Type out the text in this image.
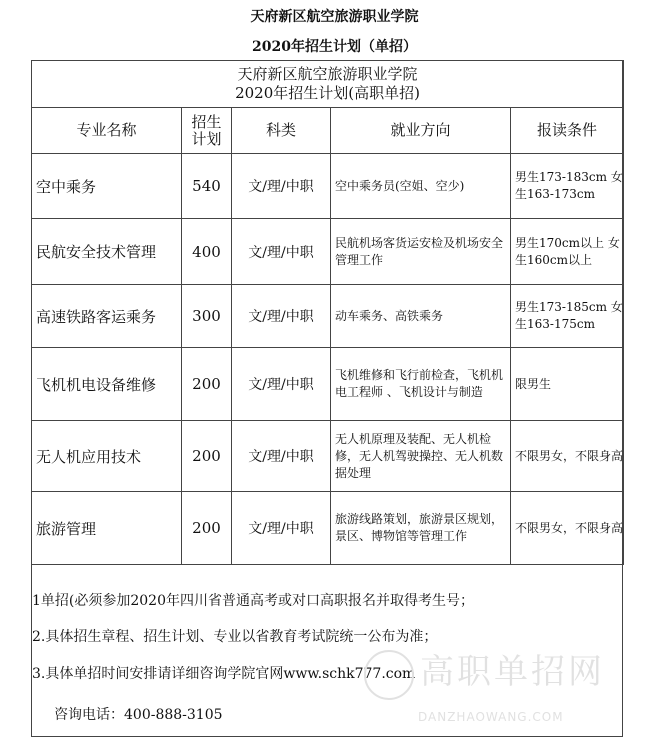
天府新区航空旅游职业学院
2020年招生计划（单招）
天府新区航空旅游职业学院
2020年招生计划(高职单招)				

专业名称	招生计划	科类	就业方向	报读条件
空中乘务	540	文/理/中职	空中乘务员(空姐、空少)	男生173-183cm 女生163-173cm
民航安全技术管理	400	文/理/中职	民航机场客货运安检及机场安全管理工作	男生170cm以上 女生160cm以上
高速铁路客运乘务	300	文/理/中职	动车乘务、高铁乘务	男生173-185cm 女生163-175cm
飞机机电设备维修	200	文/理/中职	飞机维修和飞行前检查，飞机机电工程师 、飞机设计与制造	限男生
无人机应用技术	200	文/理/中职	无人机原理及装配、无人机检修，无人机驾驶操控、无人机数据处理	不限男女，不限身高
旅游管理	200	文/理/中职	旅游线路策划，旅游景区规划，景区、博物馆等管理工作	不限男女，不限身高
1单招(必须参加2020年四川省普通高考或对口高职报名并取得考生号；
2.具体招生章程、招生计划、专业以省教育考试院统一公布为准；
3.具体单招时间安排请详细咨询学院官网www.schk777.com 高职单招网
DANZHAOWANG.COM
咨询电话：400-888-3105
